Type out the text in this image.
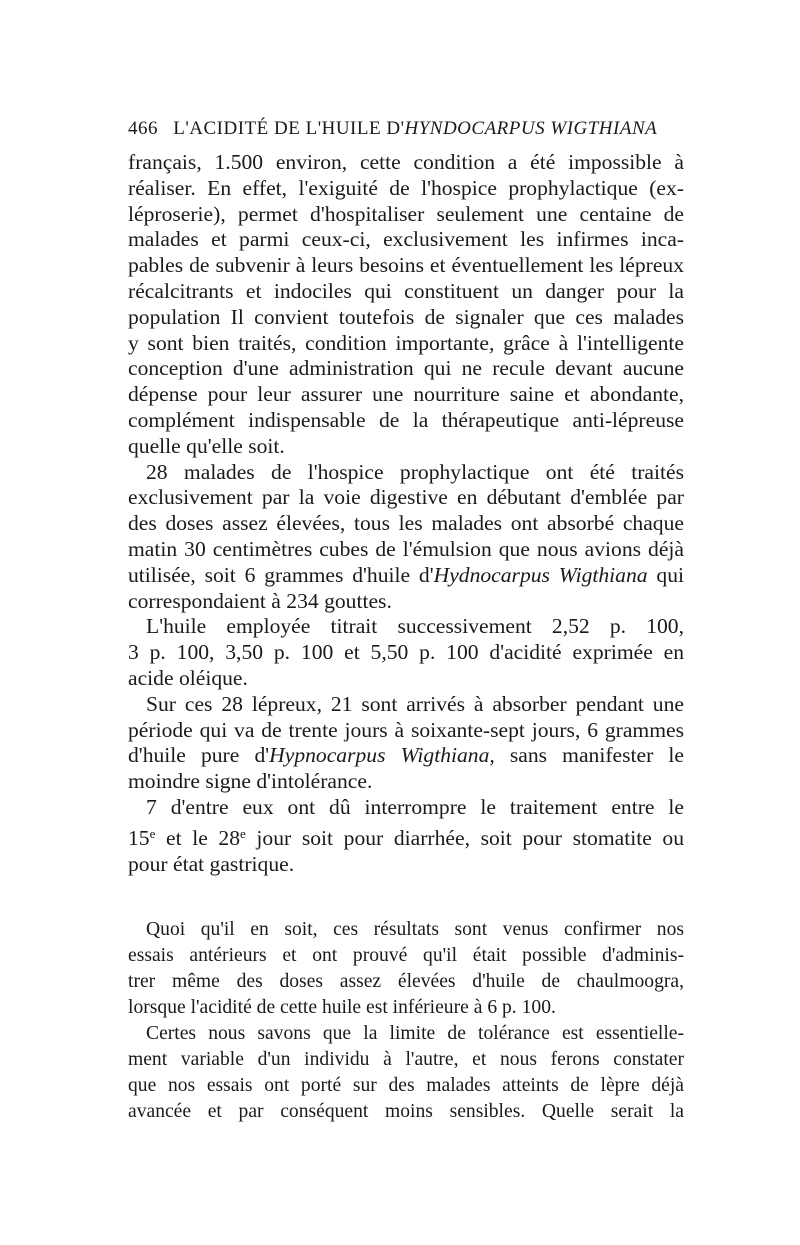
466 L'ACIDITÉ DE L'HUILE D'HYNDOCARPUS WIGTHIANA
français, 1.500 environ, cette condition a été impossible à
réaliser. En effet, l'exiguité de l'hospice prophylactique (ex-
léproserie), permet d'hospitaliser seulement une centaine de
malades et parmi ceux-ci, exclusivement les infirmes inca-
pables de subvenir à leurs besoins et éventuellement les lépreux
récalcitrants et indociles qui constituent un danger pour la
population Il convient toutefois de signaler que ces malades
y sont bien traités, condition importante, grâce à l'intelligente
conception d'une administration qui ne recule devant aucune
dépense pour leur assurer une nourriture saine et abondante,
complément indispensable de la thérapeutique anti-lépreuse
quelle qu'elle soit.
28 malades de l'hospice prophylactique ont été traités
exclusivement par la voie digestive en débutant d'emblée par
des doses assez élevées, tous les malades ont absorbé chaque
matin 30 centimètres cubes de l'émulsion que nous avions déjà
utilisée, soit 6 grammes d'huile d'Hydnocarpus Wigthiana qui
correspondaient à 234 gouttes.
L'huile employée titrait successivement 2,52 p. 100,
3 p. 100, 3,50 p. 100 et 5,50 p. 100 d'acidité exprimée en
acide oléique.
Sur ces 28 lépreux, 21 sont arrivés à absorber pendant une
période qui va de trente jours à soixante-sept jours, 6 grammes
d'huile pure d'Hypnocarpus Wigthiana, sans manifester le
moindre signe d'intolérance.
7 d'entre eux ont dû interrompre le traitement entre le
15e et le 28e jour soit pour diarrhée, soit pour stomatite ou
pour état gastrique.
Quoi qu'il en soit, ces résultats sont venus confirmer nos
essais antérieurs et ont prouvé qu'il était possible d'adminis-
trer même des doses assez élevées d'huile de chaulmoogra,
lorsque l'acidité de cette huile est inférieure à 6 p. 100.
Certes nous savons que la limite de tolérance est essentielle-
ment variable d'un individu à l'autre, et nous ferons constater
que nos essais ont porté sur des malades atteints de lèpre déjà
avancée et par conséquent moins sensibles. Quelle serait la
